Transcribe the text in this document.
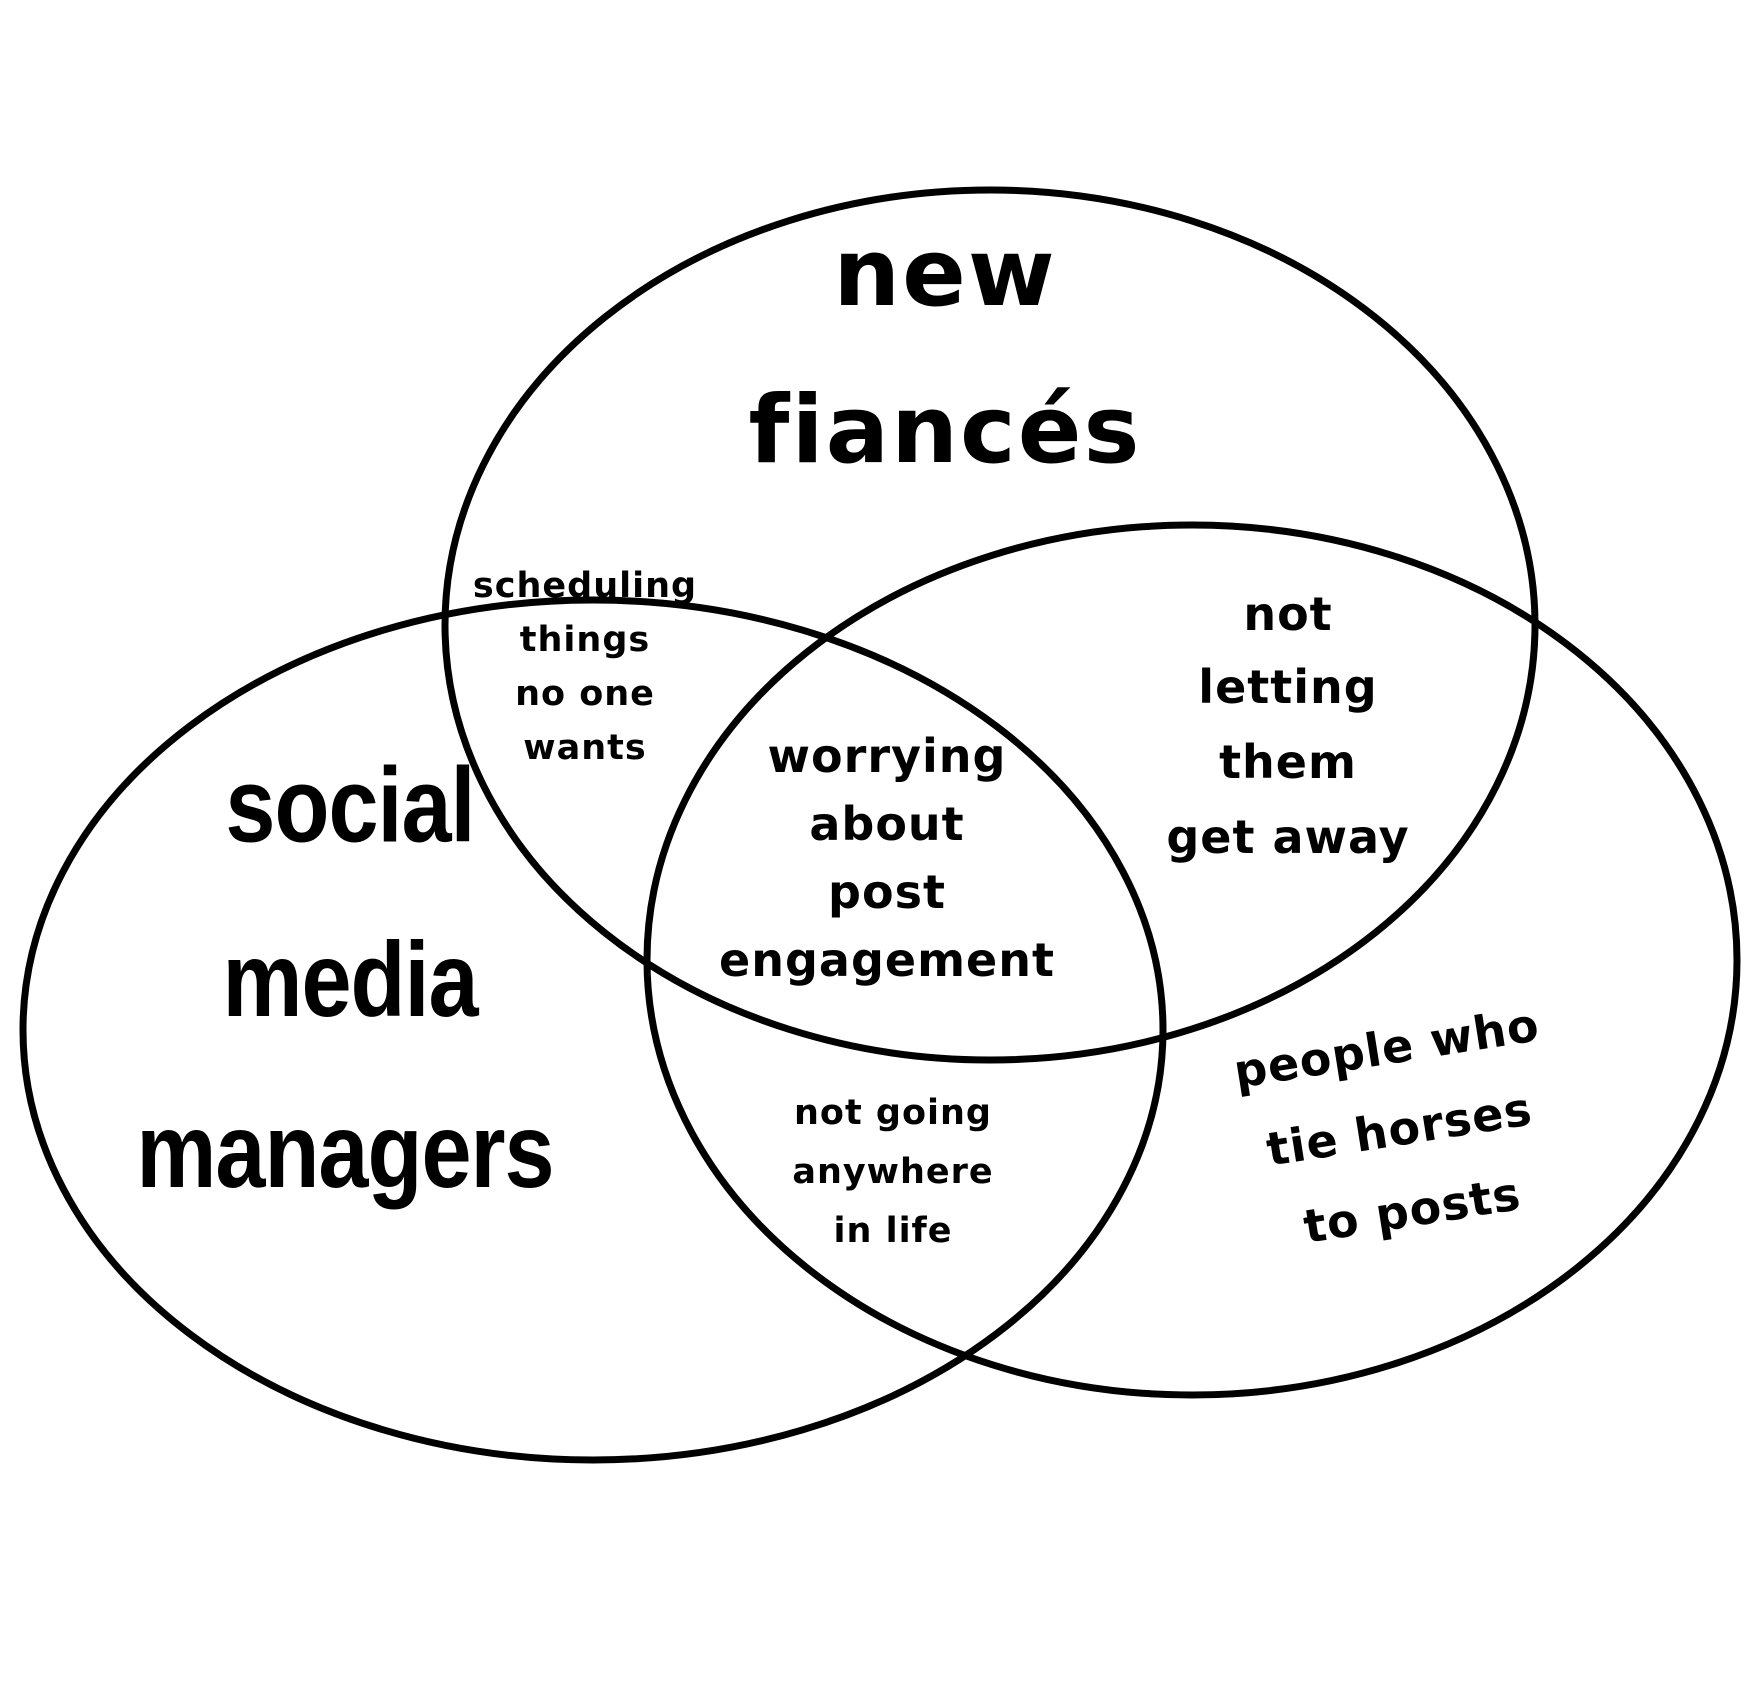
new
fiancés
social
media
managers
people who
tie horses
to posts
scheduling
things
no one
wants
not
letting
them
get away
worrying
about
post
engagement
not going
anywhere
in life
